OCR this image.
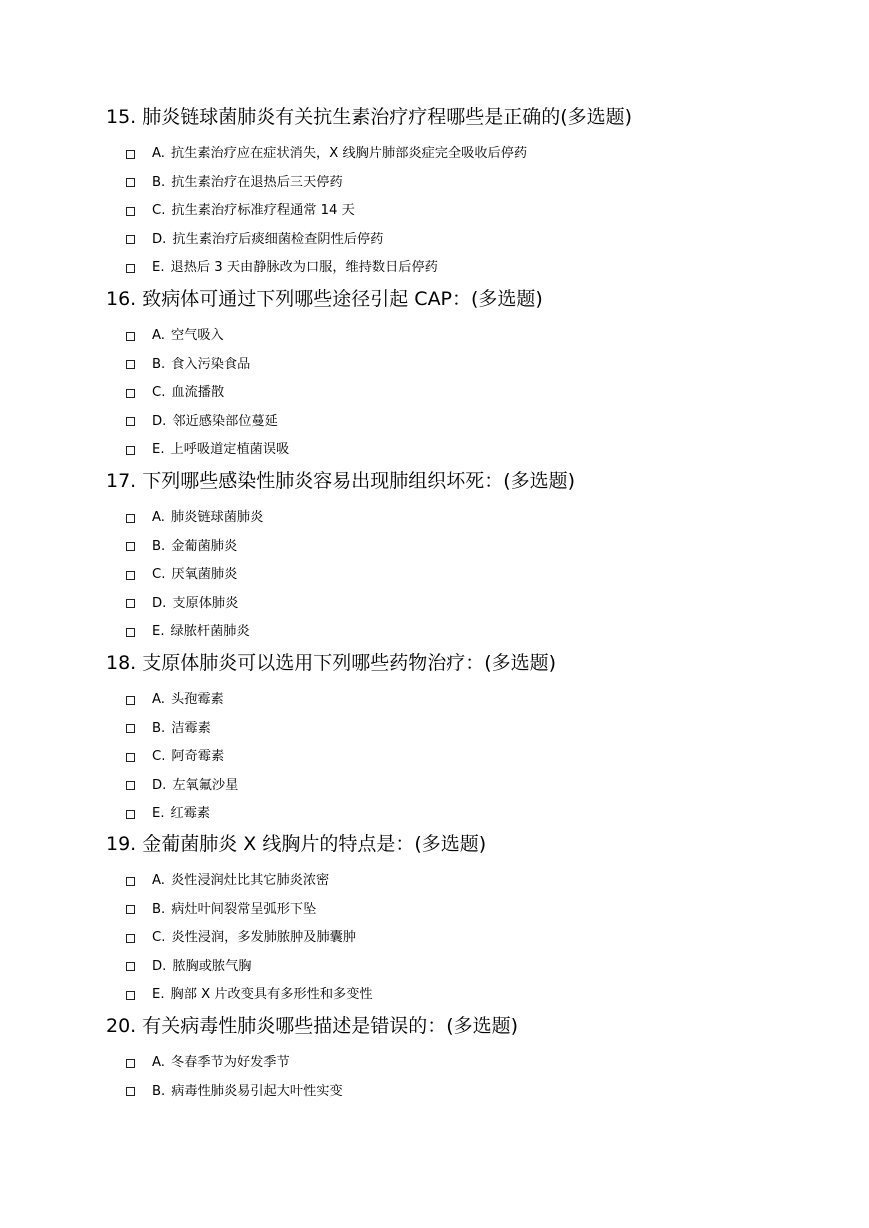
15. 肺炎链球菌肺炎有关抗生素治疗疗程哪些是正确的(多选题)
A. 抗生素治疗应在症状消失，X 线胸片肺部炎症完全吸收后停药
B. 抗生素治疗在退热后三天停药
C. 抗生素治疗标准疗程通常 14 天
D. 抗生素治疗后痰细菌检查阴性后停药
E. 退热后 3 天由静脉改为口服，维持数日后停药
16. 致病体可通过下列哪些途径引起 CAP：(多选题)
A. 空气吸入
B. 食入污染食品
C. 血流播散
D. 邻近感染部位蔓延
E. 上呼吸道定植菌误吸
17. 下列哪些感染性肺炎容易出现肺组织坏死：(多选题)
A. 肺炎链球菌肺炎
B. 金葡菌肺炎
C. 厌氧菌肺炎
D. 支原体肺炎
E. 绿脓杆菌肺炎
18. 支原体肺炎可以选用下列哪些药物治疗：(多选题)
A. 头孢霉素
B. 洁霉素
C. 阿奇霉素
D. 左氧氟沙星
E. 红霉素
19. 金葡菌肺炎 X 线胸片的特点是：(多选题)
A. 炎性浸润灶比其它肺炎浓密
B. 病灶叶间裂常呈弧形下坠
C. 炎性浸润，多发肺脓肿及肺囊肿
D. 脓胸或脓气胸
E. 胸部 X 片改变具有多形性和多变性
20. 有关病毒性肺炎哪些描述是错误的：(多选题)
A. 冬春季节为好发季节
B. 病毒性肺炎易引起大叶性实变
